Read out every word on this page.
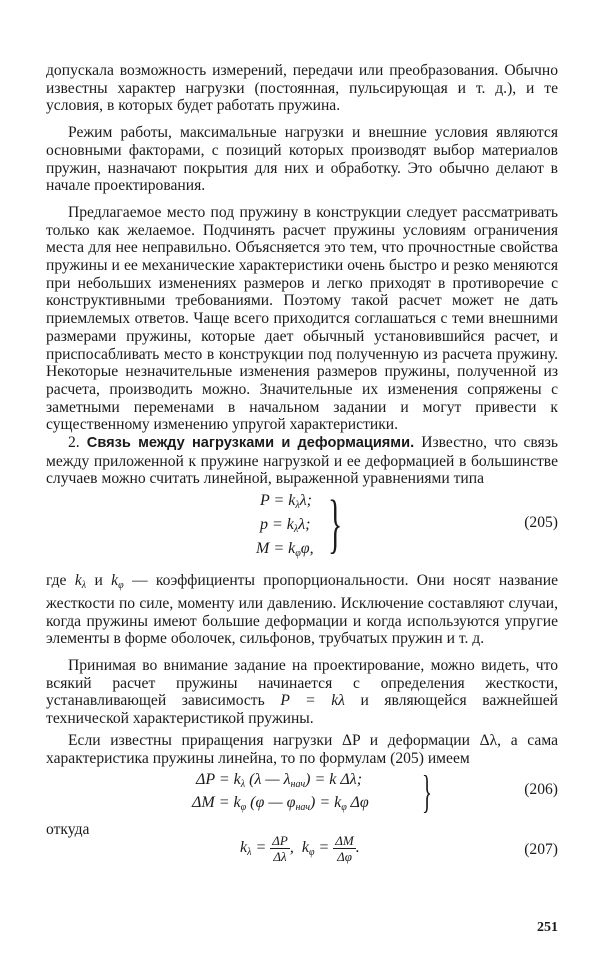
допускала возможность измерений, передачи или преобразования. Обычно известны характер нагрузки (постоянная, пульсирующая и т. д.), и те условия, в которых будет работать пружина.

Режим работы, максимальные нагрузки и внешние условия являются основными факторами, с позиций которых производят выбор материалов пружин, назначают покрытия для них и обработку. Это обычно делают в начале проектирования.

Предлагаемое место под пружину в конструкции следует рассматривать только как желаемое. Подчинять расчет пружины условиям ограничения места для нее неправильно. Объясняется это тем, что прочностные свойства пружины и ее механические характеристики очень быстро и резко меняются при небольших изменениях размеров и легко приходят в противоречие с конструктивными требованиями. Поэтому такой расчет может не дать приемлемых ответов. Чаще всего приходится соглашаться с теми внешними размерами пружины, которые дает обычный установившийся расчет, и приспосабливать место в конструкции под полученную из расчета пружину. Некоторые незначительные изменения размеров пружины, полученной из расчета, производить можно. Значительные их изменения сопряжены с заметными переменами в начальном задании и могут привести к существенному изменению упругой характеристики.

2. Связь между нагрузками и деформациями. Известно, что связь между приложенной к пружине нагрузкой и ее деформацией в большинстве случаев можно считать линейной, выраженной уравнениями типа

$P = k_\lambda\lambda$;
$p = k_\lambda\lambda$;
$M = k_\varphi\varphi$, }	(205)

где $k_\lambda$ и $k_\varphi$ — коэффициенты пропорциональности. Они носят название жесткости по силе, моменту или давлению. Исключение составляют случаи, когда пружины имеют большие деформации и когда используются упругие элементы в форме оболочек, сильфонов, трубчатых пружин и т. д.

Принимая во внимание задание на проектирование, можно видеть, что всякий расчет пружины начинается с определения жесткости, устанавливающей зависимость P = kλ и являющейся важнейшей технической характеристикой пружины.

Если известны приращения нагрузки ΔP и деформации Δλ, а сама характеристика пружины линейна, то по формулам (205) имеем

$\Delta P = k_\lambda$ (λ — $\lambda_{нач}) = k$ Δλ;
$\Delta M = k_\varphi$ (φ — $\varphi_{нач}) = k_\varphi$ Δφ }	(206)

откуда

$k_\lambda = \frac{\Delta P}{\Delta\lambda}$ ,  $k_\varphi = \frac{\Delta M}{\Delta\varphi}$ .	(207)
251
